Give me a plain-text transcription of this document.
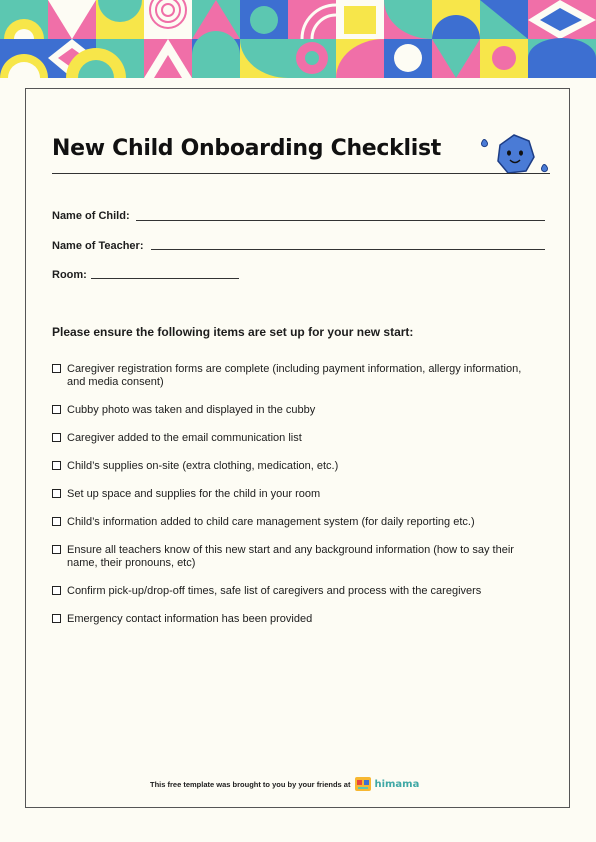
New Child Onboarding Checklist
Name of Child:
Name of Teacher:
Room:
Please ensure the following items are set up for your new start:
Caregiver registration forms are complete (including payment information, allergy information, and media consent)
Cubby photo was taken and displayed in the cubby
Caregiver added to the email communication list
Child’s supplies on-site (extra clothing, medication, etc.)
Set up space and supplies for the child in your room
Child’s information added to child care management system (for daily reporting etc.)
Ensure all teachers know of this new start and any background information (how to say their name, their pronouns, etc)
Confirm pick-up/drop-off times, safe list of caregivers and process with the caregivers
Emergency contact information has been provided
This free template was brought to you by your friends at himama
